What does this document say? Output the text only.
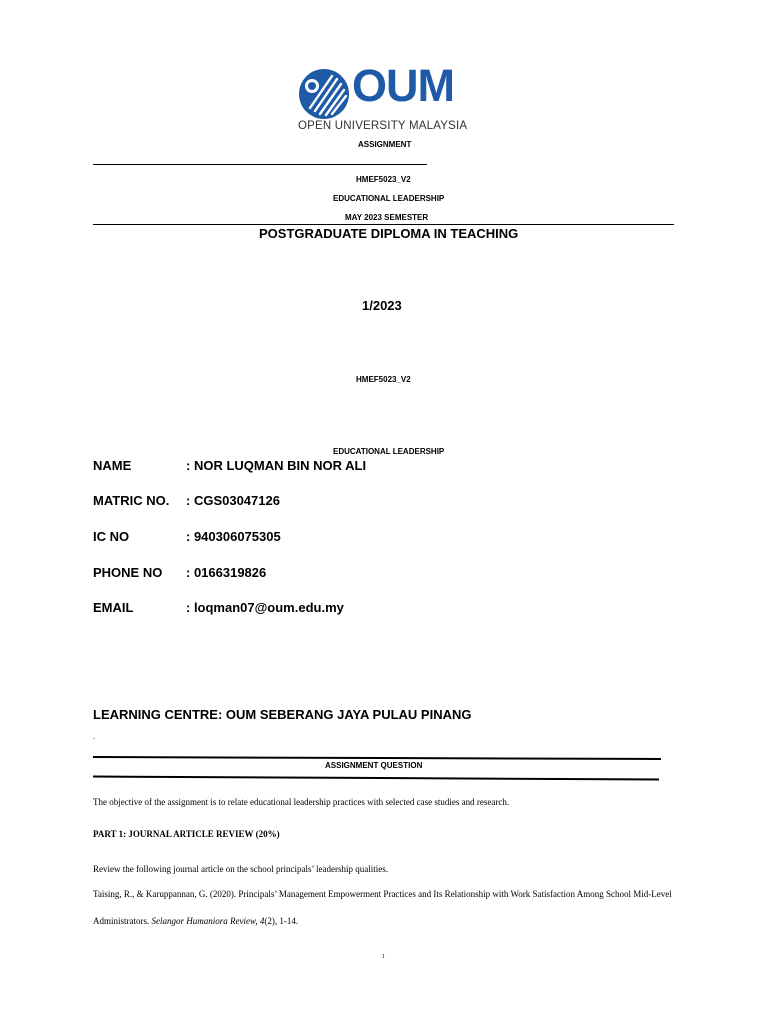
OUM
OPEN UNIVERSITY MALAYSIA
ASSIGNMENT
HMEF5023_V2
EDUCATIONAL LEADERSHIP
MAY 2023 SEMESTER
POSTGRADUATE DIPLOMA IN TEACHING
1/2023
HMEF5023_V2
EDUCATIONAL LEADERSHIP
NAME	: NOR LUQMAN BIN NOR ALI
MATRIC NO. : CGS03047126
IC NO	: 940306075305
PHONE NO : 0166319826
EMAIL	: loqman07@oum.edu.my
LEARNING CENTRE: OUM SEBERANG JAYA PULAU PINANG
.
ASSIGNMENT QUESTION
The objective of the assignment is to relate educational leadership practices with selected case studies and research.
PART 1: JOURNAL ARTICLE REVIEW (20%)
Review the following journal article on the school principals’ leadership qualities.
Taising, R., & Karuppannan, G. (2020). Principals’ Management Empowerment Practices and Its Relationship with Work Satisfaction Among School Mid-Level
Administrators. Selangor Humaniora Review, 4(2), 1-14.
1
